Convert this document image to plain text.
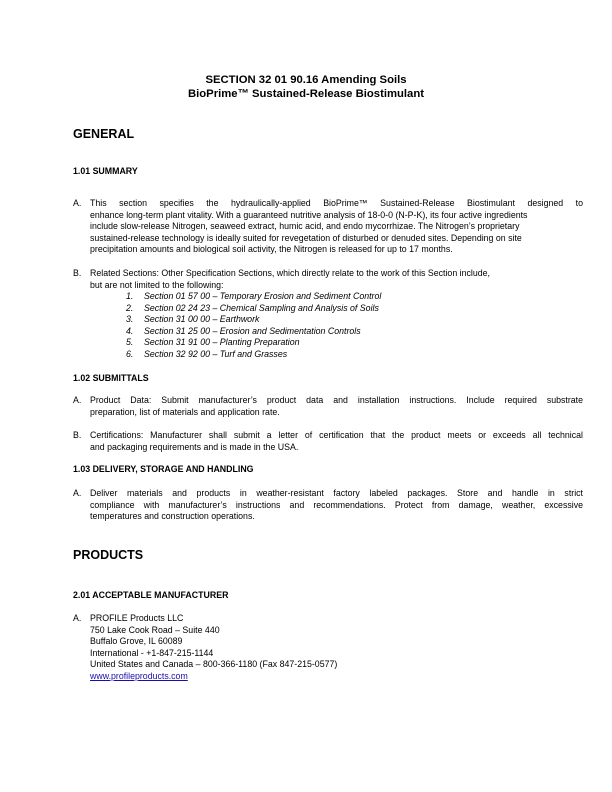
SECTION 32 01 90.16 Amending Soils
BioPrime™ Sustained-Release Biostimulant
GENERAL
1.01 SUMMARY
A. This section specifies the hydraulically-applied BioPrime™ Sustained-Release Biostimulant designed to
enhance long-term plant vitality. With a guaranteed nutritive analysis of 18-0-0 (N-P-K), its four active ingredients
include slow-release Nitrogen, seaweed extract, humic acid, and endo mycorrhizae. The Nitrogen’s proprietary
sustained-release technology is ideally suited for revegetation of disturbed or denuded sites. Depending on site
precipitation amounts and biological soil activity, the Nitrogen is released for up to 17 months.
B. Related Sections: Other Specification Sections, which directly relate to the work of this Section include,
but are not limited to the following:
1. Section 01 57 00 – Temporary Erosion and Sediment Control
2. Section 02 24 23 – Chemical Sampling and Analysis of Soils
3. Section 31 00 00 – Earthwork
4. Section 31 25 00 – Erosion and Sedimentation Controls
5. Section 31 91 00 – Planting Preparation
6. Section 32 92 00 – Turf and Grasses
1.02 SUBMITTALS
A. Product Data: Submit manufacturer’s product data and installation instructions. Include required substrate
preparation, list of materials and application rate.
B. Certifications: Manufacturer shall submit a letter of certification that the product meets or exceeds all technical
and packaging requirements and is made in the USA.
1.03 DELIVERY, STORAGE AND HANDLING
A. Deliver materials and products in weather-resistant factory labeled packages. Store and handle in strict
compliance with manufacturer’s instructions and recommendations. Protect from damage, weather, excessive
temperatures and construction operations.
PRODUCTS
2.01 ACCEPTABLE MANUFACTURER
A. PROFILE Products LLC
750 Lake Cook Road – Suite 440
Buffalo Grove, IL 60089
International - +1-847-215-1144
United States and Canada – 800-366-1180 (Fax 847-215-0577)
www.profileproducts.com
